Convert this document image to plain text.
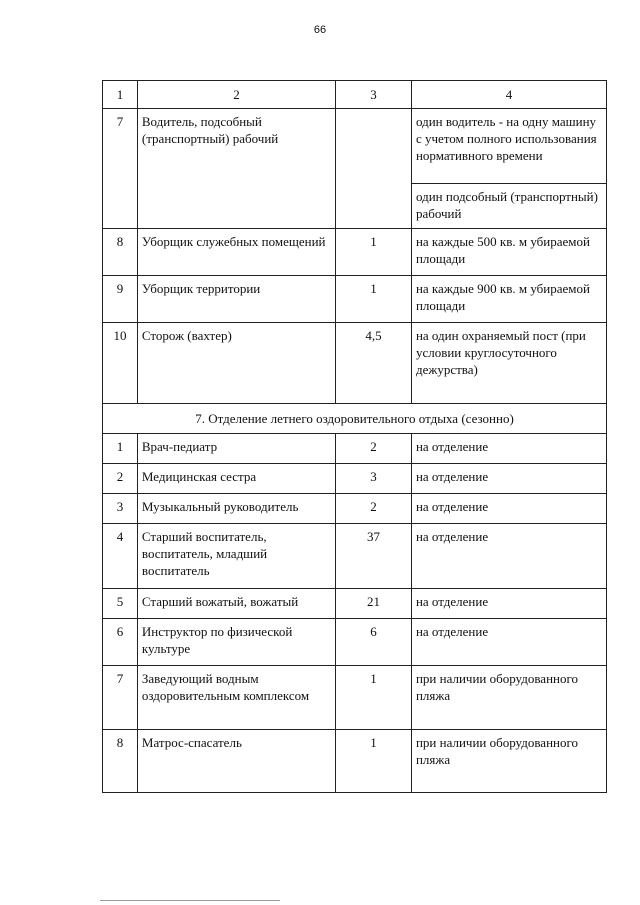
66
1	2	3	4
7	Водитель, подсобный (транспортный) рабочий		один водитель - на одну машину с учетом полного использования нормативного времени
			один подсобный (транспортный) рабочий
8	Уборщик служебных помещений	1	на каждые 500 кв. м убираемой площади
9	Уборщик территории	1	на каждые 900 кв. м убираемой площади
10	Сторож (вахтер)	4,5	на один охраняемый пост (при условии круглосуточного дежурства)
7. Отделение летнего оздоровительного отдыха (сезонно)			
1	Врач-педиатр	2	на отделение
2	Медицинская сестра	3	на отделение
3	Музыкальный руководитель	2	на отделение
4	Старший воспитатель, воспитатель, младший воспитатель	37	на отделение
5	Старший вожатый, вожатый	21	на отделение
6	Инструктор по физической культуре	6	на отделение
7	Заведующий водным оздоровительным комплексом	1	при наличии оборудованного пляжа
8	Матрос-спасатель	1	при наличии оборудованного пляжа
